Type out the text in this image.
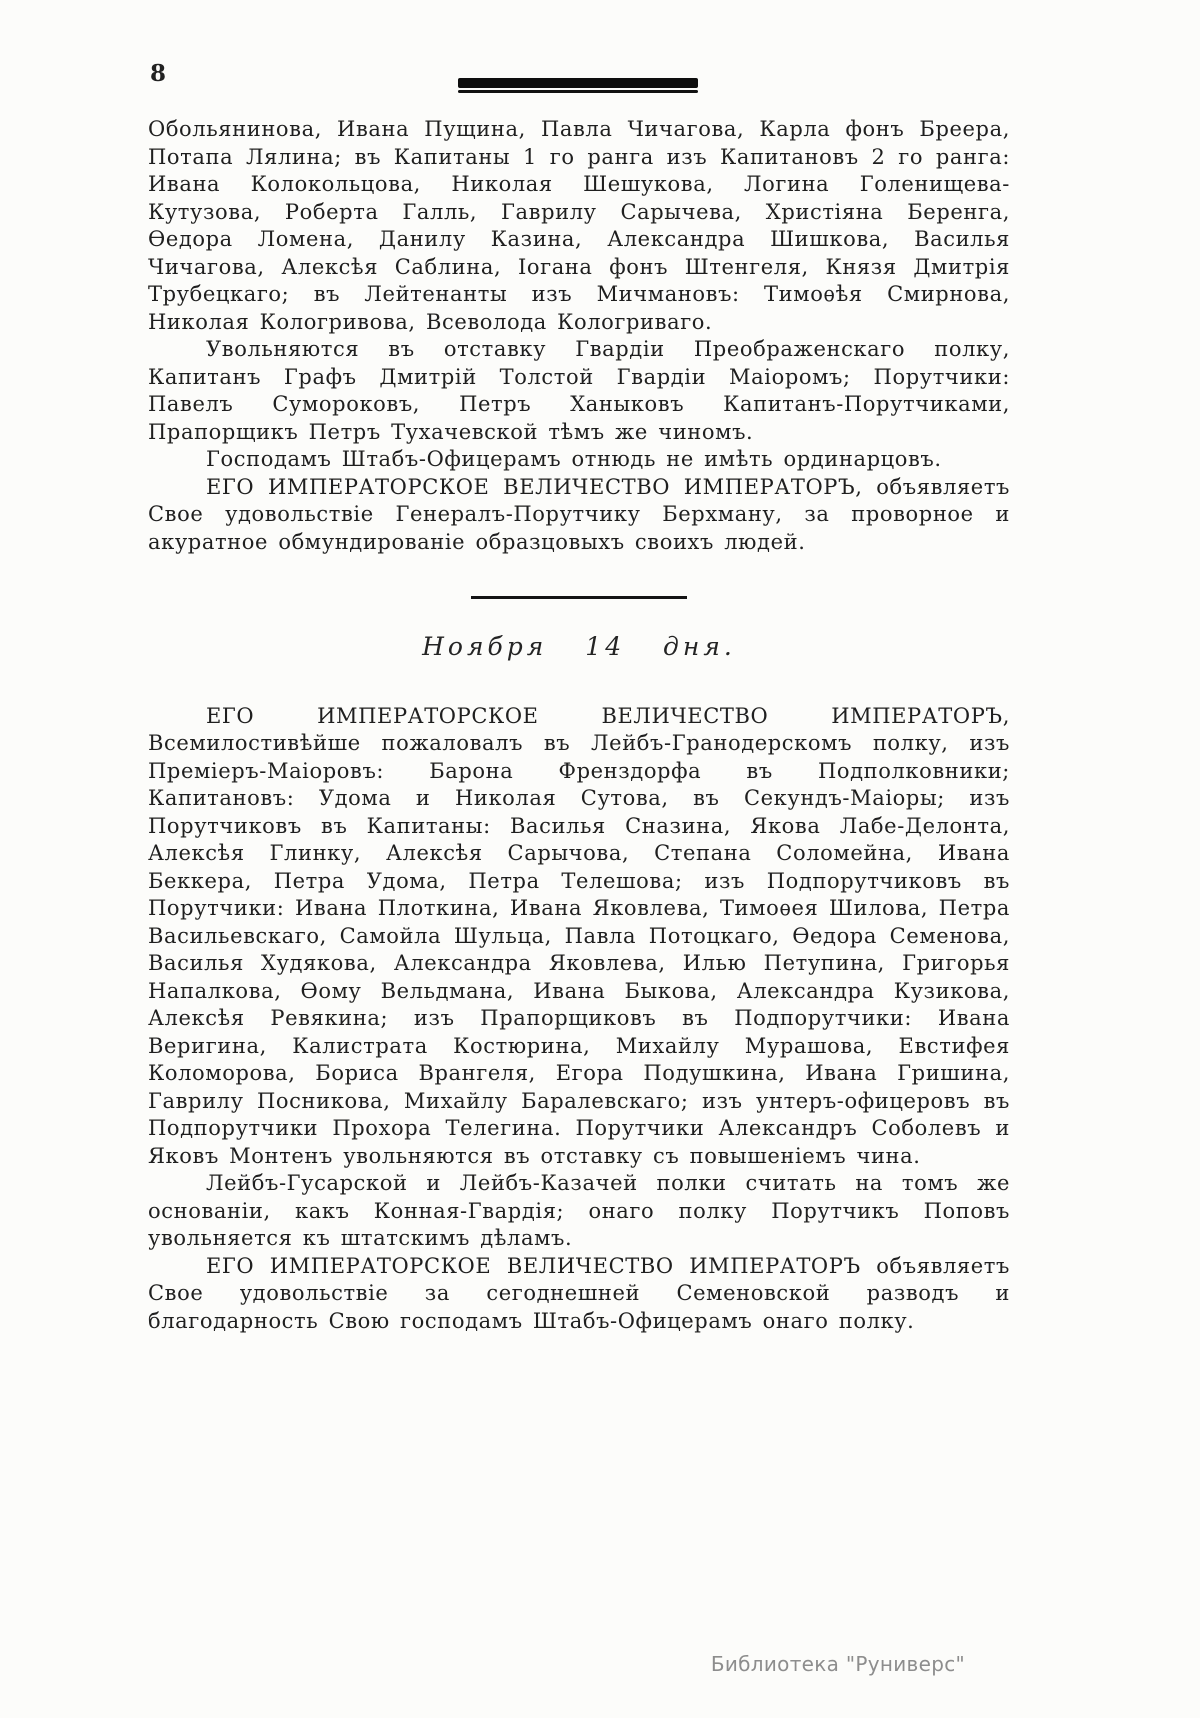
8

Обольянинова, Ивана Пущина, Павла Чичагова, Карла фонъ Бреера, Потапа Лялина; въ Капитаны 1 го ранга изъ Капитановъ 2 го ранга: Ивана Колокольцова, Николая Шешукова, Логина Голенищева-Кутузова, Роберта Галль, Гаврилу Сарычева, Христіяна Беренга, Ѳедора Ломена, Данилу Казина, Александра Шишкова, Василья Чичагова, Алексѣя Саблина, Іогана фонъ Штенгеля, Князя Дмитрія Трубецкаго; въ Лейтенанты изъ Мичмановъ: Тимоѳѣя Смирнова, Николая Кологривова, Всеволода Кологриваго.

Увольняются въ отставку Гвардіи Преображенскаго полку, Капитанъ Графъ Дмитрій Толстой Гвардіи Маіоромъ; Порутчики: Павелъ Сумороковъ, Петръ Ханыковъ Капитанъ-Порутчиками, Прапорщикъ Петръ Тухачевской тѣмъ же чиномъ.

Господамъ Штабъ-Офицерамъ отнюдь не имѣть ординарцовъ.

ЕГО ИМПЕРАТОРСКОЕ ВЕЛИЧЕСТВО ИМПЕРАТОРЪ, объявляетъ Свое удовольствіе Генералъ-Порутчику Берхману, за проворное и акуратное обмундированіе образцовыхъ своихъ людей.

Ноября 14 дня.

ЕГО ИМПЕРАТОРСКОЕ ВЕЛИЧЕСТВО ИМПЕРАТОРЪ, Всемилостивѣйше пожаловалъ въ Лейбъ-Гранодерскомъ полку, изъ Преміеръ-Маіоровъ: Барона Френздорфа въ Подполковники; Капитановъ: Удома и Николая Сутова, въ Секундъ-Маіоры; изъ Порутчиковъ въ Капитаны: Василья Сназина, Якова Лабе-Делонта, Алексѣя Глинку, Алексѣя Сарычова, Степана Соломейна, Ивана Беккера, Петра Удома, Петра Телешова; изъ Подпорутчиковъ въ Порутчики: Ивана Плоткина, Ивана Яковлева, Тимоѳея Шилова, Петра Васильевскаго, Самойла Шульца, Павла Потоцкаго, Ѳедора Семенова, Василья Худякова, Александра Яковлева, Илью Петупина, Григорья Напалкова, Ѳому Вельдмана, Ивана Быкова, Александра Кузикова, Алексѣя Ревякина; изъ Прапорщиковъ въ Подпорутчики: Ивана Веригина, Калистрата Костюрина, Михайлу Мурашова, Евстифея Коломорова, Бориса Врангеля, Егора Подушкина, Ивана Гришина, Гаврилу Посникова, Михайлу Баралевскаго; изъ унтеръ-офицеровъ въ Подпорутчики Прохора Телегина. Порутчики Александръ Соболевъ и Яковъ Монтенъ увольняются въ отставку съ повышеніемъ чина.

Лейбъ-Гусарской и Лейбъ-Казачей полки считать на томъ же основаніи, какъ Конная-Гвардія; онаго полку Порутчикъ Поповъ увольняется къ штатскимъ дѣламъ.

ЕГО ИМПЕРАТОРСКОЕ ВЕЛИЧЕСТВО ИМПЕРАТОРЪ объявляетъ Свое удовольствіе за сегоднешней Семеновской разводъ и благодарность Свою господамъ Штабъ-Офицерамъ онаго полку.

Библиотека "Руниверс"
